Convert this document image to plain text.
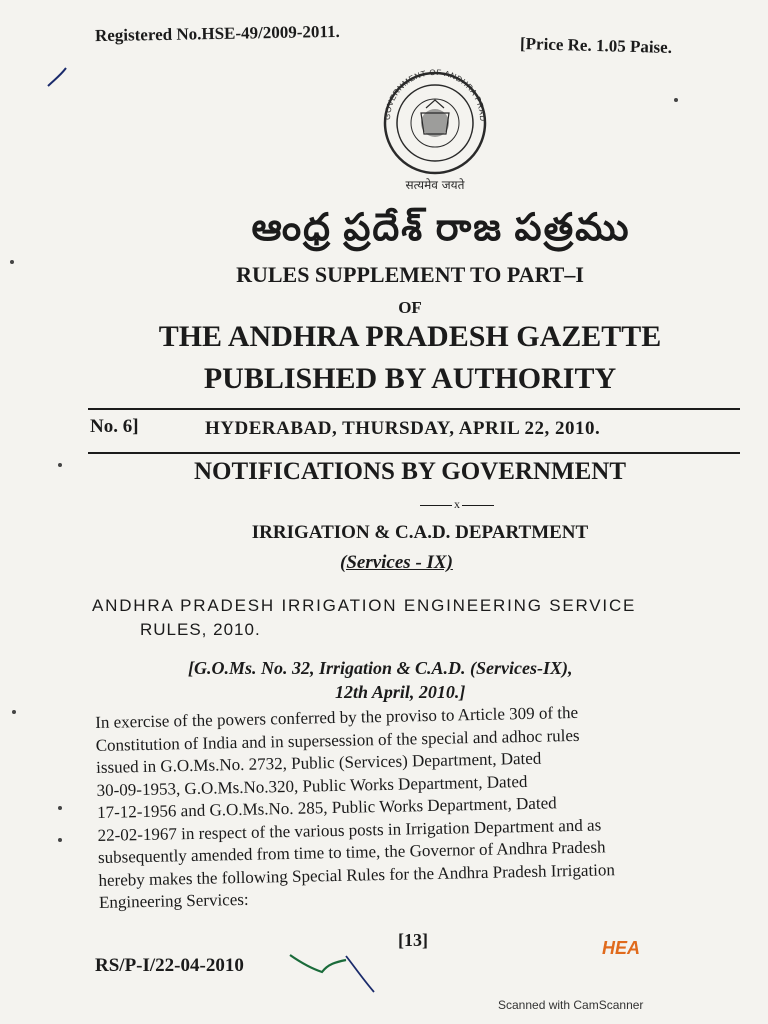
Registered No.HSE-49/2009-2011.
[Price Re. 1.05 Paise.
GOVERNMENT OF ANDHRA PRAD
सत्यमेव जयते
ఆంధ్ర ప్రదేశ్ రాజ పత్రము
RULES SUPPLEMENT TO PART–I
OF
THE ANDHRA PRADESH GAZETTE
PUBLISHED BY AUTHORITY
No. 6]	HYDERABAD, THURSDAY, APRIL 22, 2010.
NOTIFICATIONS BY GOVERNMENT
x
IRRIGATION & C.A.D. DEPARTMENT
(Services - IX)
ANDHRA PRADESH IRRIGATION ENGINEERING SERVICE
RULES, 2010.
[G.O.Ms. No. 32, Irrigation & C.A.D. (Services-IX),
12th April, 2010.]
In exercise of the powers conferred by the proviso to Article 309 of the
Constitution of India and in supersession of the special and adhoc rules
issued in G.O.Ms.No. 2732, Public (Services) Department, Dated
30-09-1953, G.O.Ms.No.320, Public Works Department, Dated
17-12-1956 and G.O.Ms.No. 285, Public Works Department, Dated
22-02-1967 in respect of the various posts in Irrigation Department and as
subsequently amended from time to time, the Governor of Andhra Pradesh
hereby makes the following Special Rules for the Andhra Pradesh Irrigation
Engineering Services:
[13]
RS/P-I/22-04-2010
HEA
Scanned with CamScanner
